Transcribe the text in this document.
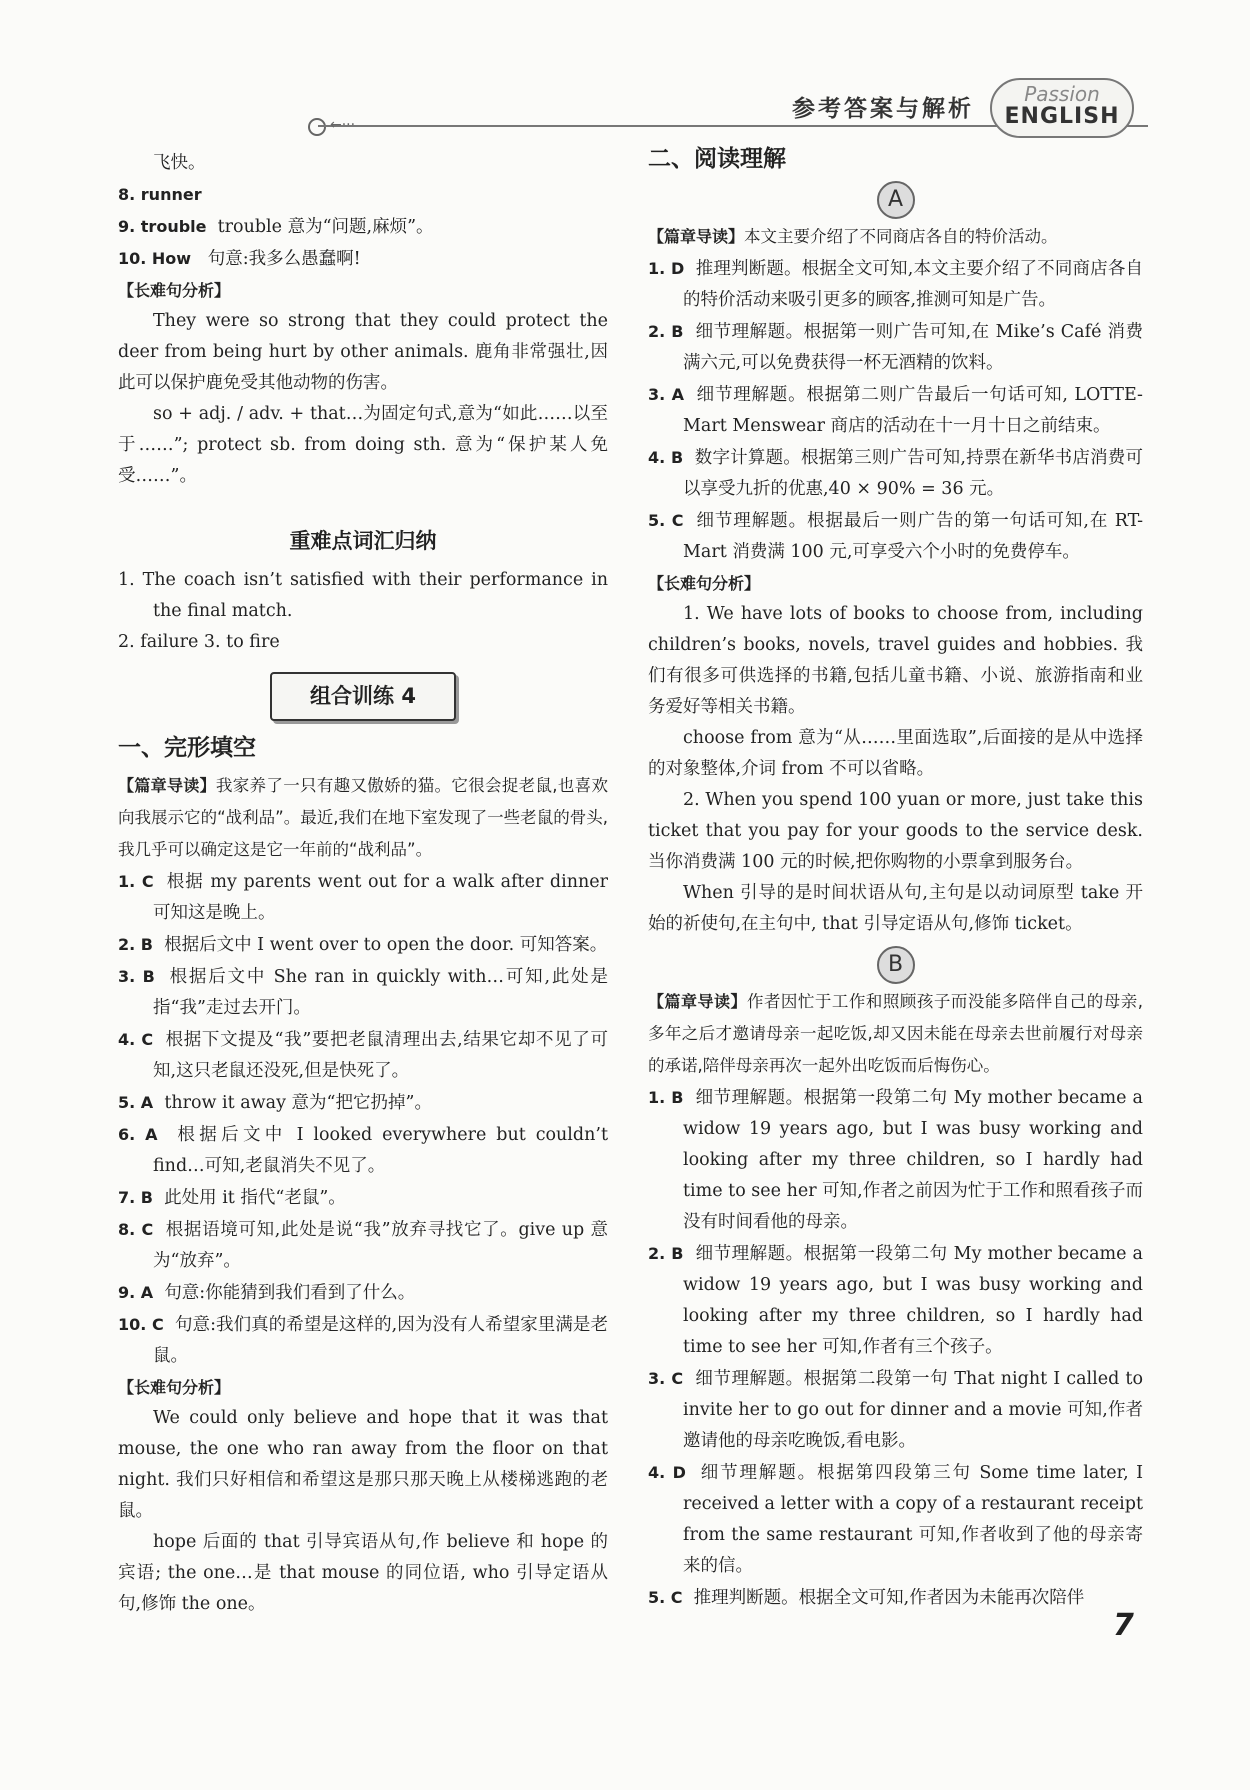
←···
参考答案与解析
Passion
ENGLISH

飞快。

8. runner

9. trouble trouble 意为“问题,麻烦”。

10. How 句意:我多么愚蠢啊!

【长难句分析】

They were so strong that they could protect the deer from being hurt by other animals. 鹿角非常强壮,因此可以保护鹿免受其他动物的伤害。

so + adj. / adv. + that…为固定句式,意为“如此……以至于……”; protect sb. from doing sth. 意为“保护某人免受……”。

重难点词汇归纳

1. The coach isn’t satisfied with their performance in the final match.

2. failure 3. to fire

组合训练 4
一、完形填空

【篇章导读】我家养了一只有趣又傲娇的猫。它很会捉老鼠,也喜欢向我展示它的“战利品”。最近,我们在地下室发现了一些老鼠的骨头,我几乎可以确定这是它一年前的“战利品”。

1. C 根据 my parents went out for a walk after dinner 可知这是晚上。

2. B 根据后文中 I went over to open the door. 可知答案。

3. B 根据后文中 She ran in quickly with…可知,此处是指“我”走过去开门。

4. C 根据下文提及“我”要把老鼠清理出去,结果它却不见了可知,这只老鼠还没死,但是快死了。

5. A throw it away 意为“把它扔掉”。

6. A 根据后文中 I looked everywhere but couldn’t find…可知,老鼠消失不见了。

7. B 此处用 it 指代“老鼠”。

8. C 根据语境可知,此处是说“我”放弃寻找它了。give up 意为“放弃”。

9. A 句意:你能猜到我们看到了什么。

10. C 句意:我们真的希望是这样的,因为没有人希望家里满是老鼠。

【长难句分析】

We could only believe and hope that it was that mouse, the one who ran away from the floor on that night. 我们只好相信和希望这是那只那天晚上从楼梯逃跑的老鼠。

hope 后面的 that 引导宾语从句,作 believe 和 hope 的宾语; the one…是 that mouse 的同位语, who 引导定语从句,修饰 the one。

二、阅读理解
A

【篇章导读】本文主要介绍了不同商店各自的特价活动。

1. D 推理判断题。根据全文可知,本文主要介绍了不同商店各自的特价活动来吸引更多的顾客,推测可知是广告。

2. B 细节理解题。根据第一则广告可知,在 Mike’s Café 消费满六元,可以免费获得一杯无酒精的饮料。

3. A 细节理解题。根据第二则广告最后一句话可知, LOTTE-Mart Menswear 商店的活动在十一月十日之前结束。

4. B 数字计算题。根据第三则广告可知,持票在新华书店消费可以享受九折的优惠,40 × 90% = 36 元。

5. C 细节理解题。根据最后一则广告的第一句话可知,在 RT-Mart 消费满 100 元,可享受六个小时的免费停车。

【长难句分析】

1. We have lots of books to choose from, including children’s books, novels, travel guides and hobbies. 我们有很多可供选择的书籍,包括儿童书籍、小说、旅游指南和业务爱好等相关书籍。

choose from 意为“从……里面选取”,后面接的是从中选择的对象整体,介词 from 不可以省略。

2. When you spend 100 yuan or more, just take this ticket that you pay for your goods to the service desk. 当你消费满 100 元的时候,把你购物的小票拿到服务台。

When 引导的是时间状语从句,主句是以动词原型 take 开始的祈使句,在主句中, that 引导定语从句,修饰 ticket。

B

【篇章导读】作者因忙于工作和照顾孩子而没能多陪伴自己的母亲,多年之后才邀请母亲一起吃饭,却又因未能在母亲去世前履行对母亲的承诺,陪伴母亲再次一起外出吃饭而后悔伤心。

1. B 细节理解题。根据第一段第二句 My mother became a widow 19 years ago, but I was busy working and looking after my three children, so I hardly had time to see her 可知,作者之前因为忙于工作和照看孩子而没有时间看他的母亲。

2. B 细节理解题。根据第一段第二句 My mother became a widow 19 years ago, but I was busy working and looking after my three children, so I hardly had time to see her 可知,作者有三个孩子。

3. C 细节理解题。根据第二段第一句 That night I called to invite her to go out for dinner and a movie 可知,作者邀请他的母亲吃晚饭,看电影。

4. D 细节理解题。根据第四段第三句 Some time later, I received a letter with a copy of a restaurant receipt from the same restaurant 可知,作者收到了他的母亲寄来的信。

5. C 推理判断题。根据全文可知,作者因为未能再次陪伴

7
